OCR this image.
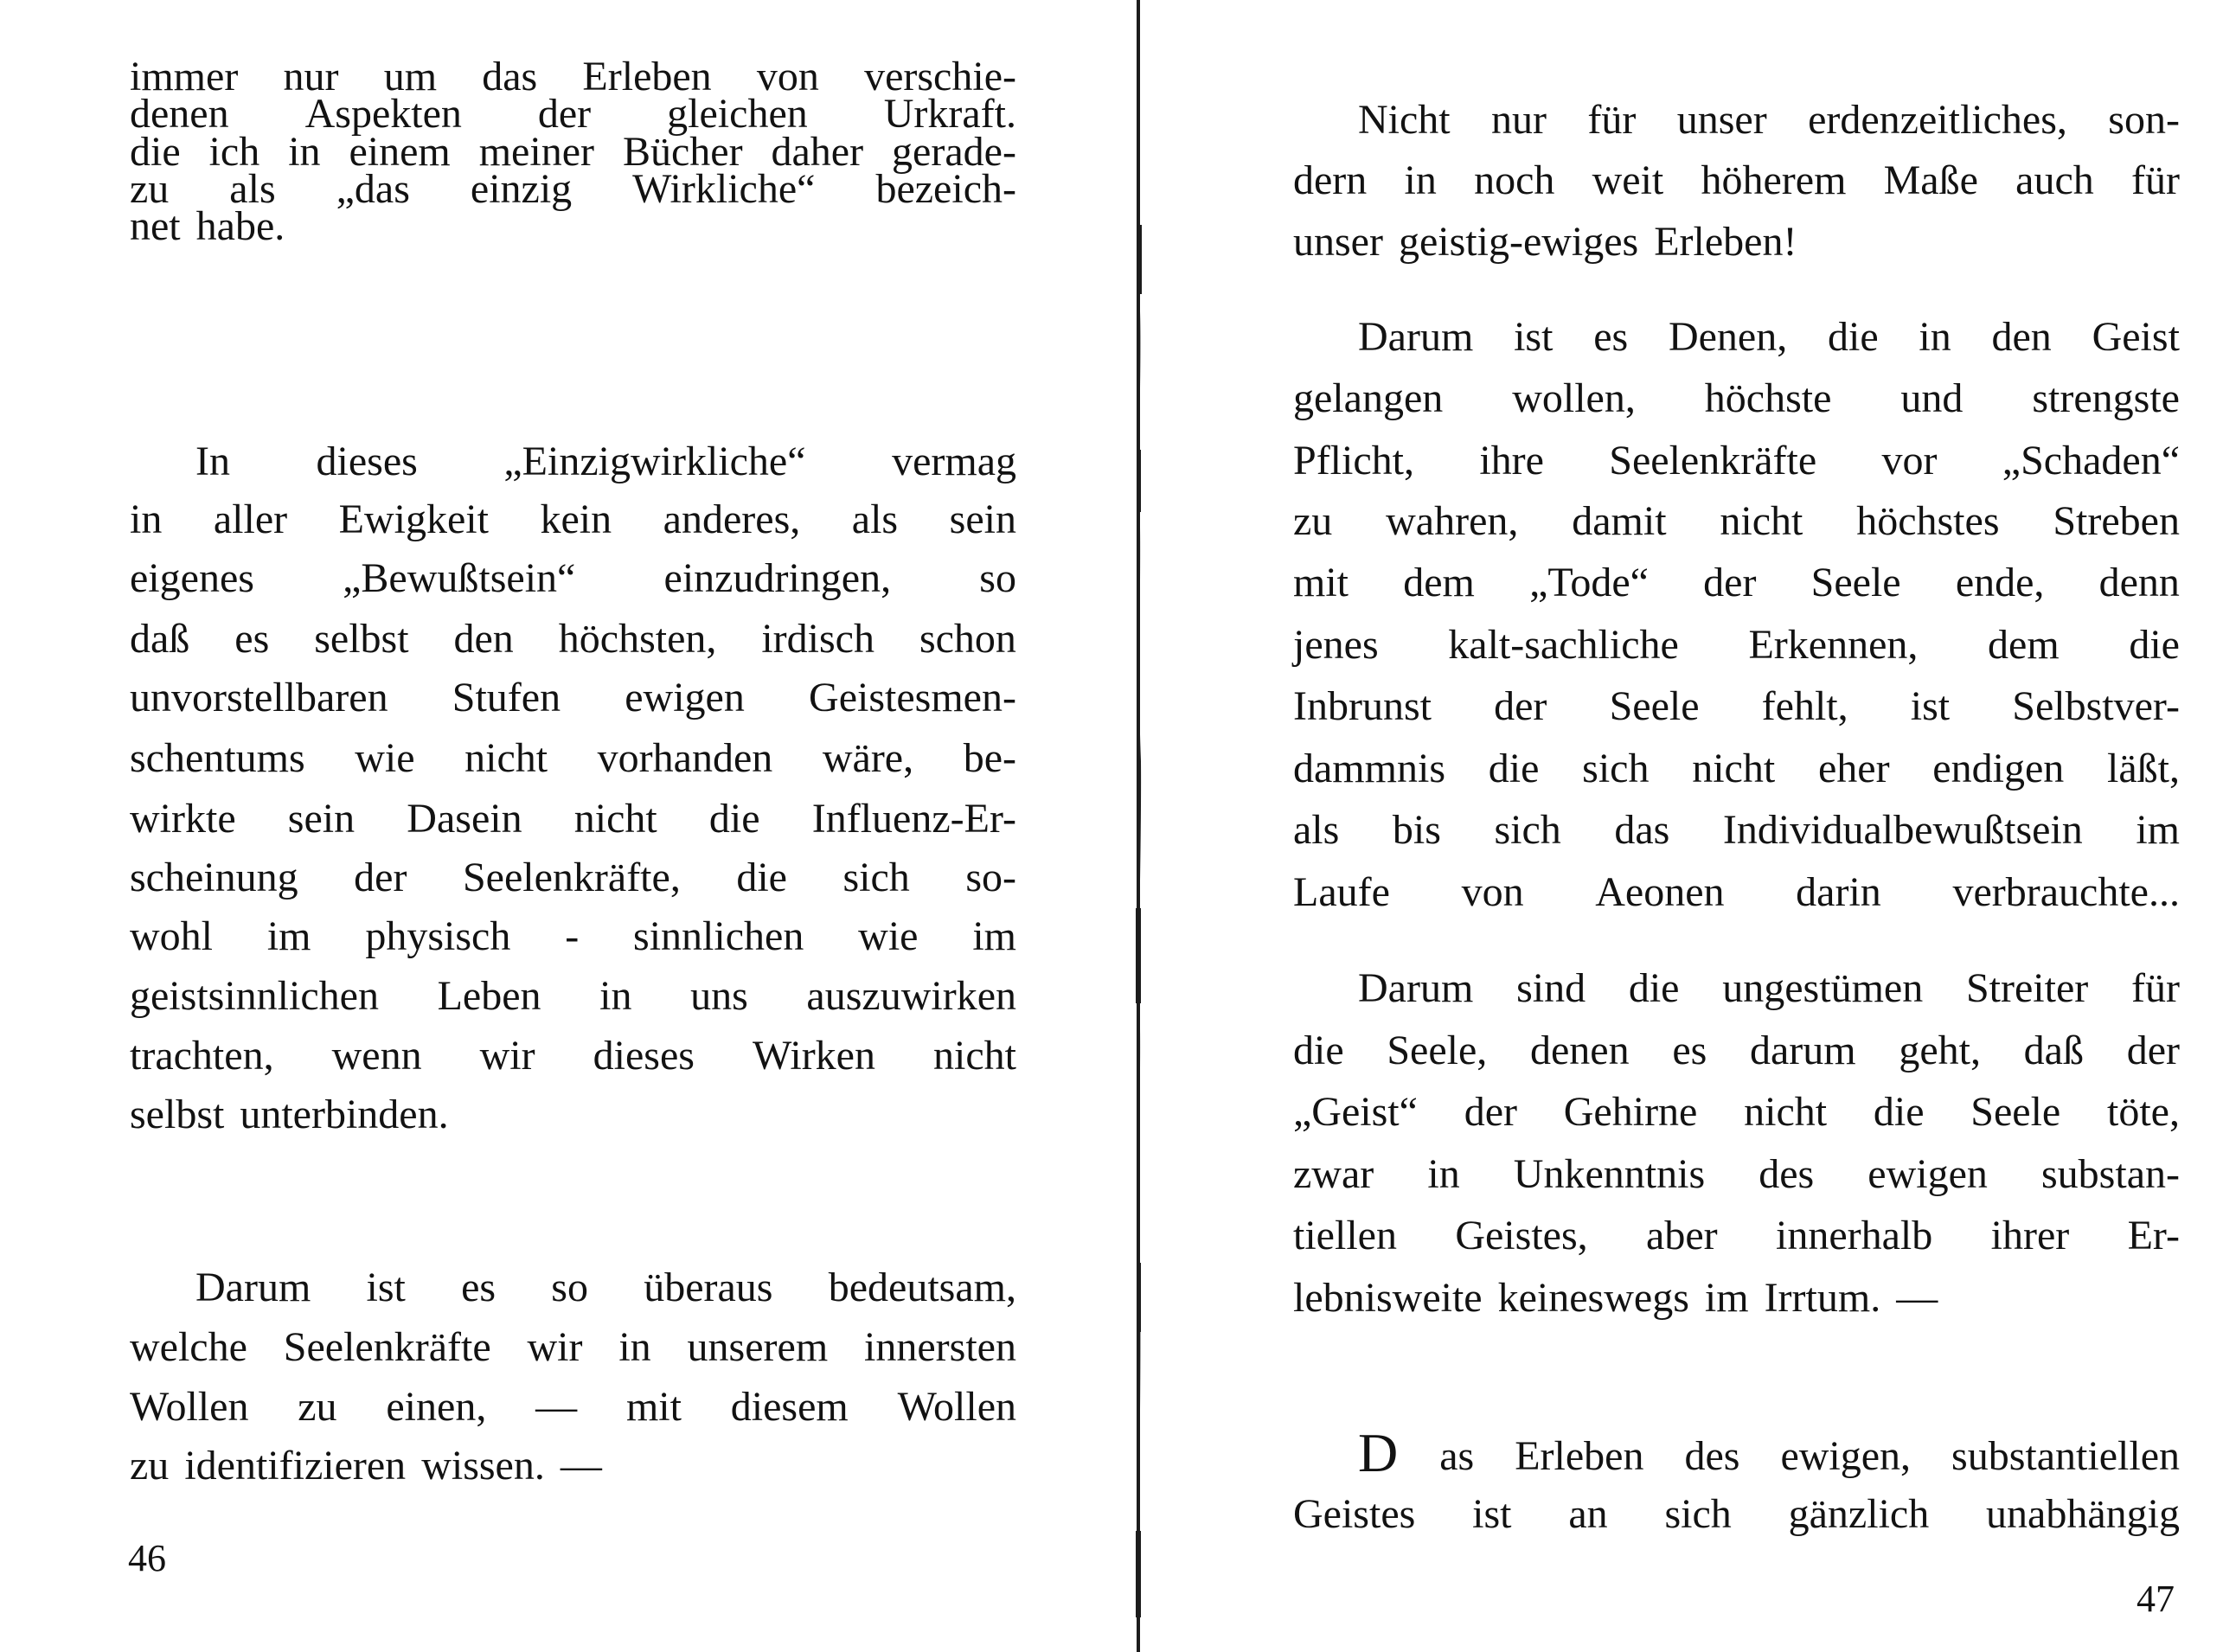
immer nur um das Erleben von verschie-
denen Aspekten der gleichen Urkraft.
die ich in einem meiner Bücher daher gerade-
zu als „das einzig Wirkliche“ bezeich-
net habe.
In dieses „Einzigwirkliche“ vermag
in aller Ewigkeit kein anderes, als sein
eigenes „Bewußtsein“ einzudringen, so
daß es selbst den höchsten, irdisch schon
unvorstellbaren Stufen ewigen Geistesmen-
schentums wie nicht vorhanden wäre, be-
wirkte sein Dasein nicht die Influenz-Er-
scheinung der Seelenkräfte, die sich so-
wohl im physisch - sinnlichen wie im
geistsinnlichen Leben in uns auszuwirken
trachten, wenn wir dieses Wirken nicht
selbst unterbinden.
Darum ist es so überaus bedeutsam,
welche Seelenkräfte wir in unserem innersten
Wollen zu einen, — mit diesem Wollen
zu identifizieren wissen. —
46
Nicht nur für unser erdenzeitliches, son-
dern in noch weit höherem Maße auch für
unser geistig-ewiges Erleben!
Darum ist es Denen, die in den Geist
gelangen wollen, höchste und strengste
Pflicht, ihre Seelenkräfte vor „Schaden“
zu wahren, damit nicht höchstes Streben
mit dem „Tode“ der Seele ende, denn
jenes kalt-sachliche Erkennen, dem die
Inbrunst der Seele fehlt, ist Selbstver-
dammnis die sich nicht eher endigen läßt,
als bis sich das Individualbewußtsein im
Laufe von Aeonen darin verbrauchte...
Darum sind die ungestümen Streiter für
die Seele, denen es darum geht, daß der
„Geist“ der Gehirne nicht die Seele töte,
zwar in Unkenntnis des ewigen substan-
tiellen Geistes, aber innerhalb ihrer Er-
lebnisweite keineswegs im Irrtum. —
D as Erleben des ewigen, substantiellen
Geistes ist an sich gänzlich unabhängig
47
